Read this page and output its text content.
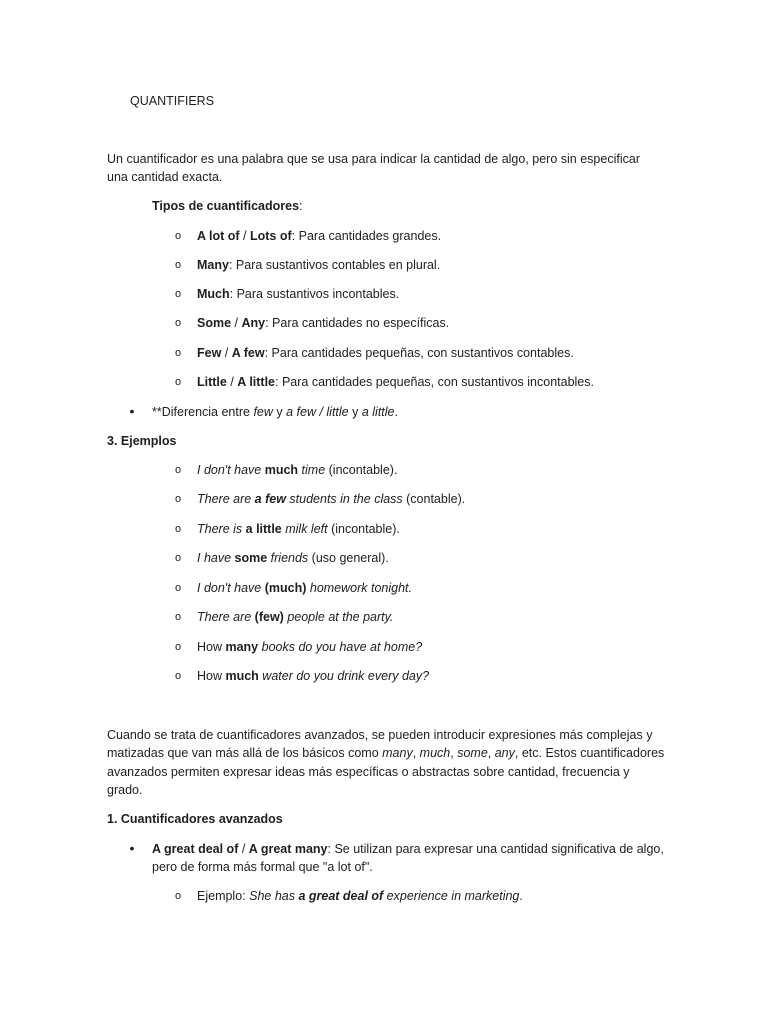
QUANTIFIERS
Un cuantificador es una palabra que se usa para indicar la cantidad de algo, pero sin especificar
una cantidad exacta.
Tipos de cuantificadores:
o A lot of / Lots of: Para cantidades grandes.
o Many: Para sustantivos contables en plural.
o Much: Para sustantivos incontables.
o Some / Any: Para cantidades no específicas.
o Few / A few: Para cantidades pequeñas, con sustantivos contables.
o Little / A little: Para cantidades pequeñas, con sustantivos incontables.
• **Diferencia entre few y a few / little y a little.
3. Ejemplos
o I don't have much time (incontable).
o There are a few students in the class (contable).
o There is a little milk left (incontable).
o I have some friends (uso general).
o I don't have (much) homework tonight.
o There are (few) people at the party.
o How many books do you have at home?
o How much water do you drink every day?
Cuando se trata de cuantificadores avanzados, se pueden introducir expresiones más complejas y
matizadas que van más allá de los básicos como many, much, some, any, etc. Estos cuantificadores
avanzados permiten expresar ideas más específicas o abstractas sobre cantidad, frecuencia y
grado.
1. Cuantificadores avanzados
• A great deal of / A great many: Se utilizan para expresar una cantidad significativa de algo,
pero de forma más formal que "a lot of".
o Ejemplo: She has a great deal of experience in marketing.
